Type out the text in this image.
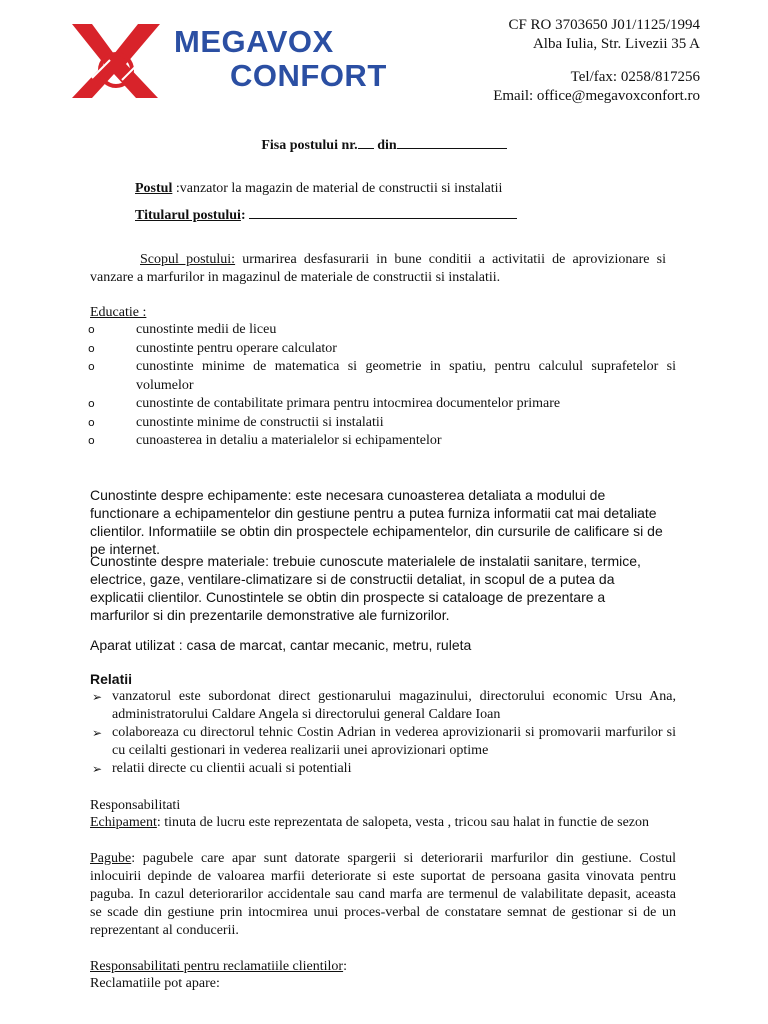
MEGAVOX
CONFORT
CF RO 3703650 J01/1125/1994
Alba Iulia, Str. Livezii 35 A
Tel/fax: 0258/817256
Email: office@megavoxconfort.ro
Fisa postului nr. din
Postul :vanzator la magazin de material de constructii si instalatii
Titularul postului:
Scopul postului: urmarirea desfasurarii in bune conditii a activitatii de aprovizionare si vanzare a marfurilor in magazinul de materiale de constructii si instalatii.
Educatie :
o	cunostinte medii de liceu
o	cunostinte pentru operare calculator
o	cunostinte minime de matematica si geometrie in spatiu, pentru calculul suprafetelor si volumelor
o	cunostinte de contabilitate primara pentru intocmirea documentelor primare
o	cunostinte minime de constructii si instalatii
o	cunoasterea in detaliu a materialelor si echipamentelor
Cunostinte despre echipamente: este necesara cunoasterea detaliata a modului de functionare a echipamentelor din gestiune pentru a putea furniza informatii cat mai detaliate clientilor. Informatiile se obtin din prospectele echipamentelor, din cursurile de calificare si de pe internet.
Cunostinte despre materiale: trebuie cunoscute materialele de instalatii sanitare, termice, electrice, gaze, ventilare-climatizare si de constructii detaliat, in scopul de a putea da explicatii clientilor. Cunostintele se obtin din prospecte si cataloage de prezentare a marfurilor si din prezentarile demonstrative ale furnizorilor.
Aparat utilizat : casa de marcat, cantar mecanic, metru, ruleta
Relatii
➢ vanzatorul este subordonat direct gestionarului magazinului, directorului economic Ursu Ana, administratorului Caldare Angela si directorului general Caldare Ioan
➢ colaboreaza cu directorul tehnic Costin Adrian in vederea aprovizionarii si promovarii marfurilor si cu ceilalti gestionari in vederea realizarii unei aprovizionari optime
➢ relatii directe cu clientii acuali si potentiali
Responsabilitati
Echipament: tinuta de lucru este reprezentata de salopeta, vesta , tricou sau halat in functie de sezon
Pagube: pagubele care apar sunt datorate spargerii si deteriorarii marfurilor din gestiune. Costul inlocuirii depinde de valoarea marfii deteriorate si este suportat de persoana gasita vinovata pentru paguba. In cazul deteriorarilor accidentale sau cand marfa are termenul de valabilitate depasit, aceasta se scade din gestiune prin intocmirea unui proces-verbal de constatare semnat de gestionar si de un reprezentant al conducerii.
Responsabilitati pentru reclamatiile clientilor:
Reclamatiile pot apare:
